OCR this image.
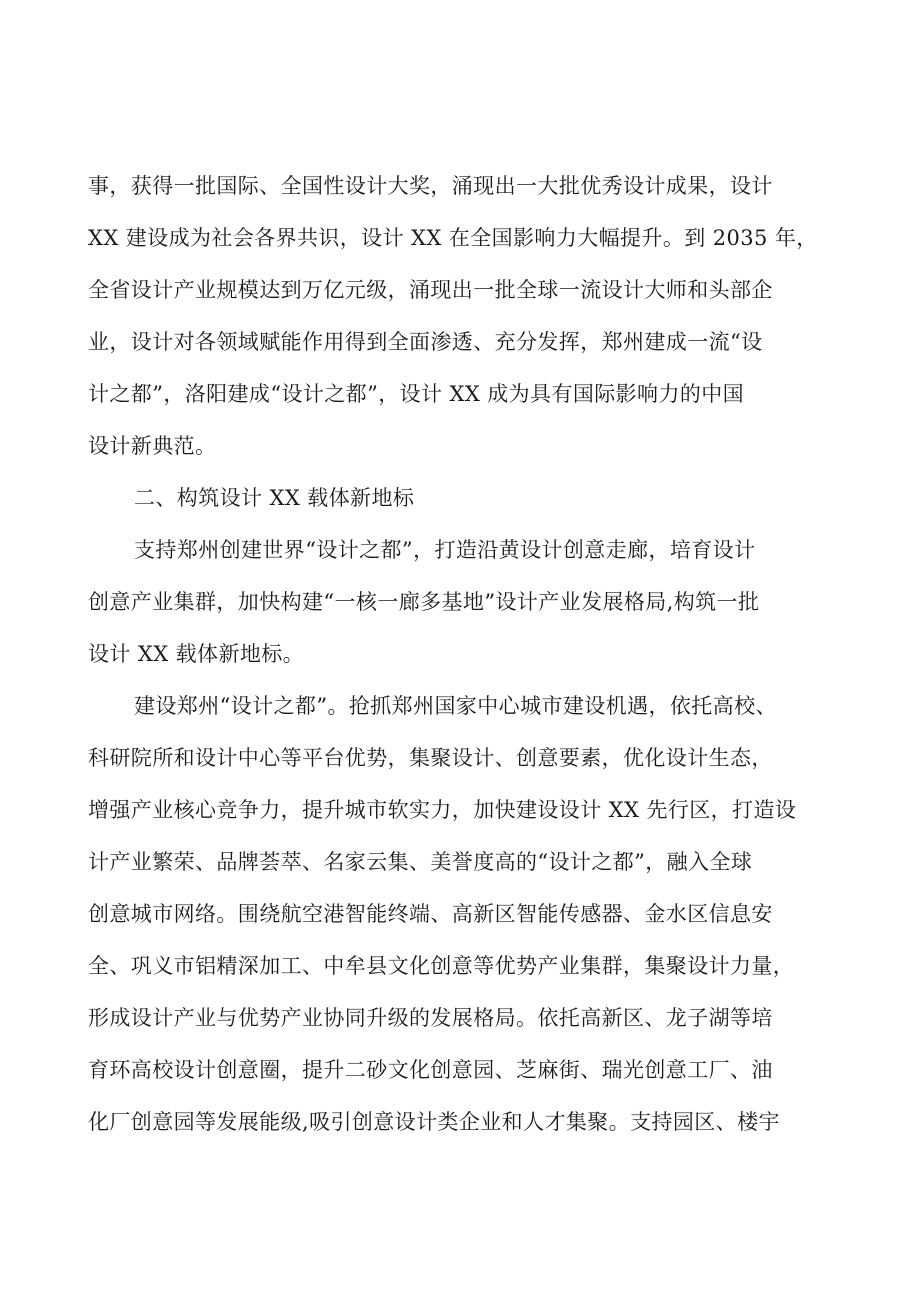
事，获得一批国际、全国性设计大奖，涌现出一大批优秀设计成果，设计
XX 建设成为社会各界共识，设计 XX 在全国影响力大幅提升。到 2035 年，
全省设计产业规模达到万亿元级，涌现出一批全球一流设计大师和头部企
业，设计对各领域赋能作用得到全面渗透、充分发挥，郑州建成一流“设
计之都”，洛阳建成“设计之都”，设计 XX 成为具有国际影响力的中国
设计新典范。
二、构筑设计 XX 载体新地标
支持郑州创建世界“设计之都”，打造沿黄设计创意走廊，培育设计
创意产业集群，加快构建“一核一廊多基地”设计产业发展格局,构筑一批
设计 XX 载体新地标。
建设郑州“设计之都”。抢抓郑州国家中心城市建设机遇，依托高校、
科研院所和设计中心等平台优势，集聚设计、创意要素，优化设计生态，
增强产业核心竞争力，提升城市软实力，加快建设设计 XX 先行区，打造设
计产业繁荣、品牌荟萃、名家云集、美誉度高的“设计之都”，融入全球
创意城市网络。围绕航空港智能终端、高新区智能传感器、金水区信息安
全、巩义市铝精深加工、中牟县文化创意等优势产业集群，集聚设计力量，
形成设计产业与优势产业协同升级的发展格局。依托高新区、龙子湖等培
育环高校设计创意圈，提升二砂文化创意园、芝麻街、瑞光创意工厂、油
化厂创意园等发展能级,吸引创意设计类企业和人才集聚。支持园区、楼宇
